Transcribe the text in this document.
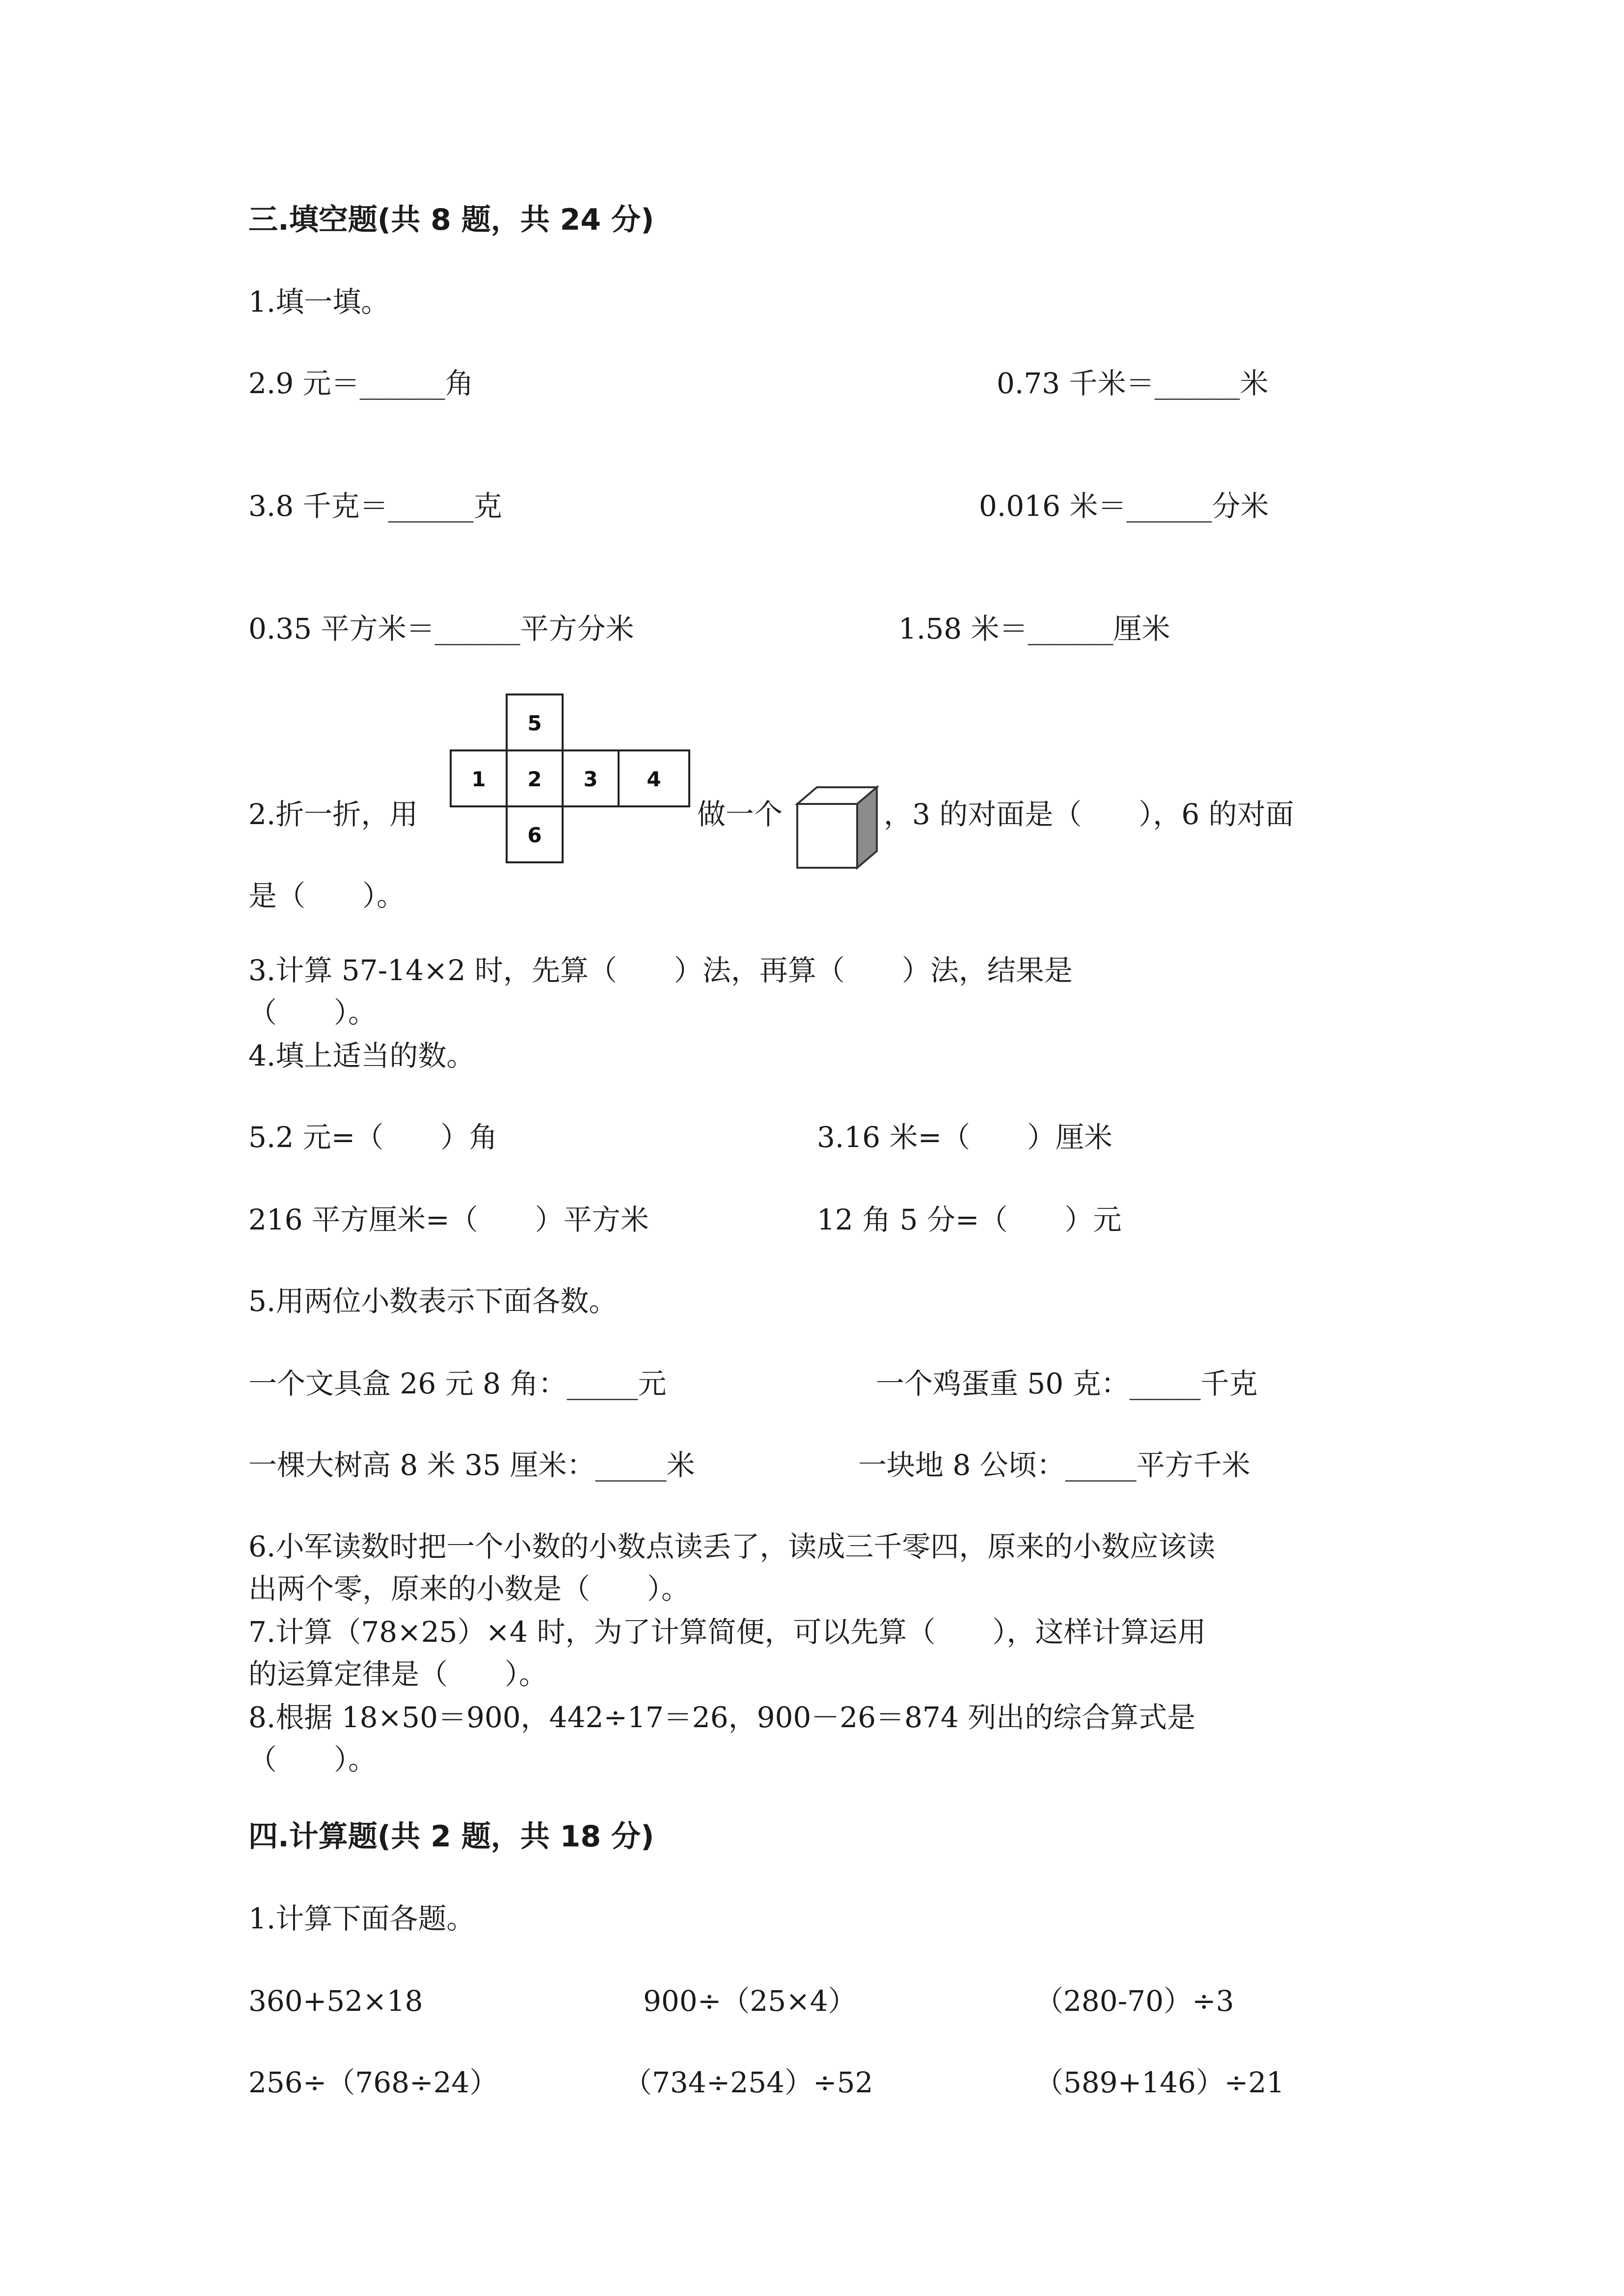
三.填空题(共 8 题，共 24 分)
1.填一填。
2.9 元＝______角	0.73 千米＝______米
3.8 千克＝______克	0.016 米＝______分米
0.35 平方米＝______平方分米	1.58 米＝______厘米
2.折一折，用
5
1 2 3 4
6
做一个	，3 的对面是（　　），6 的对面
是（　　）。
3.计算 57-14×2 时，先算（　　）法，再算（　　）法，结果是
（　　）。
4.填上适当的数。
5.2 元=（　　）角	3.16 米=（　　）厘米
216 平方厘米=（　　）平方米	12 角 5 分=（　　）元
5.用两位小数表示下面各数。
一个文具盒 26 元 8 角：_____元	一个鸡蛋重 50 克：_____千克
一棵大树高 8 米 35 厘米：_____米	一块地 8 公顷：_____平方千米
6.小军读数时把一个小数的小数点读丢了，读成三千零四，原来的小数应该读
出两个零，原来的小数是（　　）。
7.计算（78×25）×4 时，为了计算简便，可以先算（　　），这样计算运用
的运算定律是（　　）。
8.根据 18×50＝900，442÷17＝26，900－26＝874 列出的综合算式是
（　　）。
四.计算题(共 2 题，共 18 分)
1.计算下面各题。
360+52×18	900÷（25×4）	（280-70）÷3
256÷（768÷24）	（734÷254）÷52	（589+146）÷21
